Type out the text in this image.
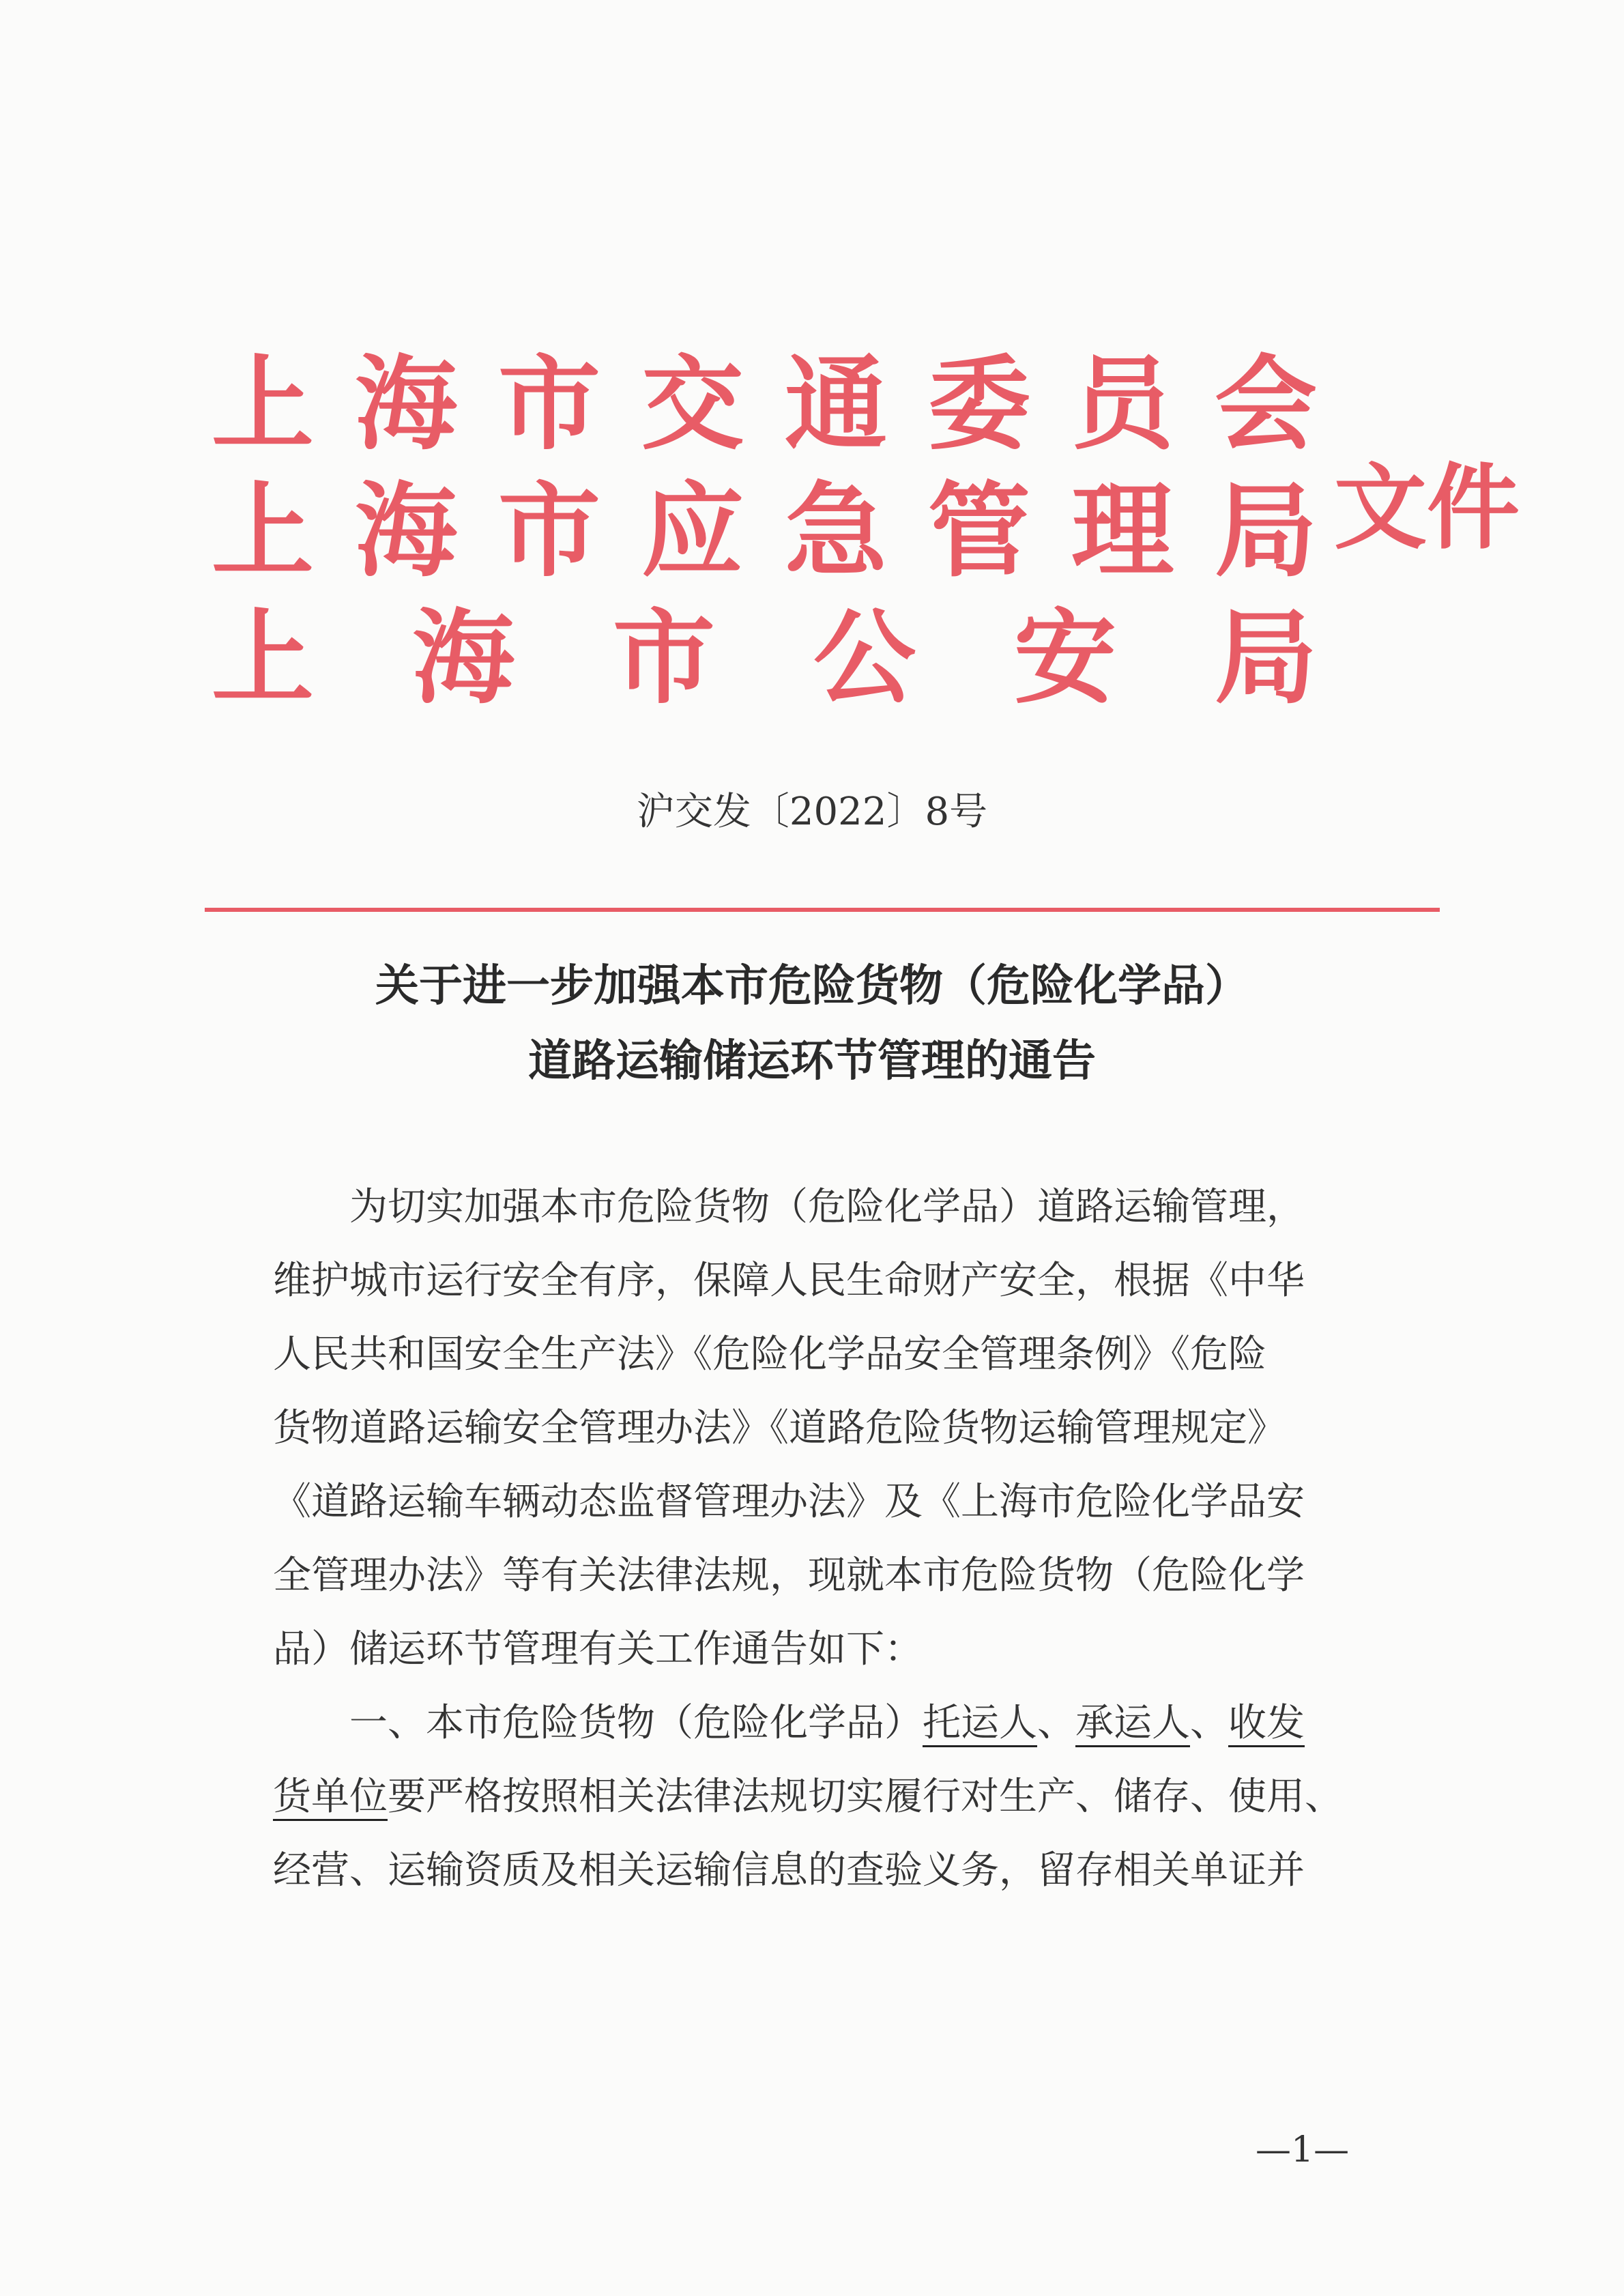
上 海 市 交 通 委 员 会
上 海 市 应 急 管 理 局
上 海 市 公 安 局
文件
沪交发〔2022〕8号
关于进一步加强本市危险货物（危险化学品）
道路运输储运环节管理的通告
为切实加强本市危险货物（危险化学品）道路运输管理，
维护城市运行安全有序，保障人民生命财产安全，根据《中华
人民共和国安全生产法》《危险化学品安全管理条例》《危险
货物道路运输安全管理办法》《道路危险货物运输管理规定》
《道路运输车辆动态监督管理办法》及《上海市危险化学品安
全管理办法》等有关法律法规，现就本市危险货物（危险化学
品）储运环节管理有关工作通告如下：
一、本市危险货物（危险化学品）托运人、承运人、收发
货单位要严格按照相关法律法规切实履行对生产、储存、使用、
经营、运输资质及相关运输信息的查验义务，留存相关单证并
—1—
